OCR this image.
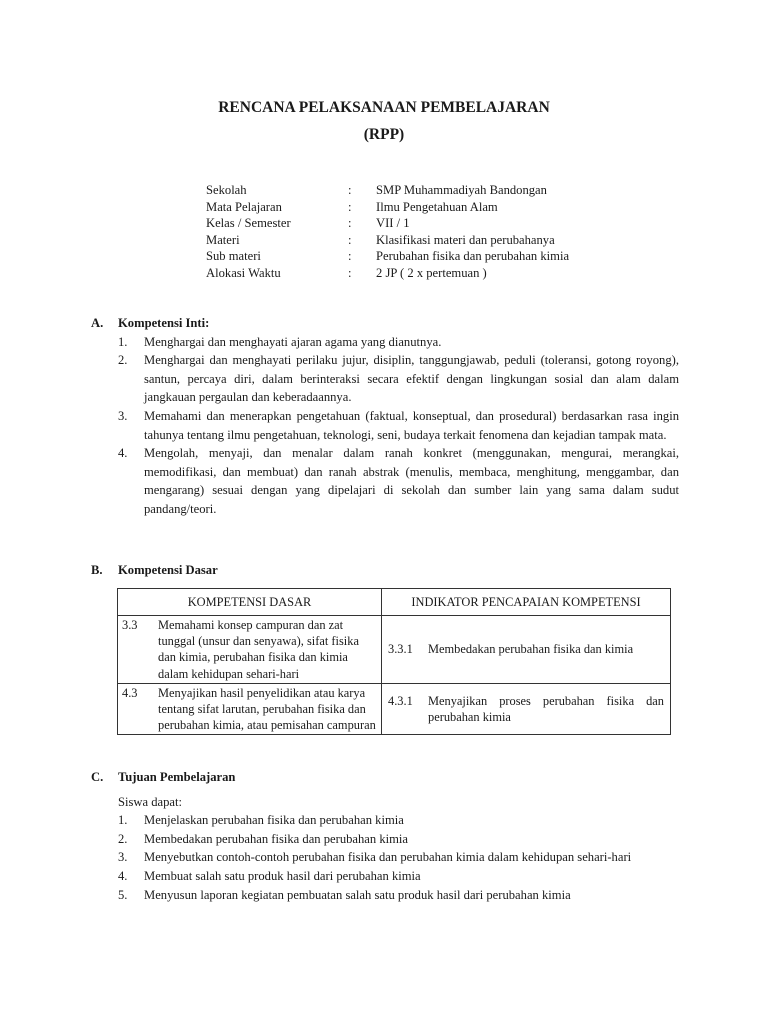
RENCANA PELAKSANAAN PEMBELAJARAN
(RPP)
Sekolah	:	SMP Muhammadiyah Bandongan
Mata Pelajaran	:	Ilmu Pengetahuan Alam
Kelas / Semester	:	VII / 1
Materi	:	Klasifikasi materi dan perubahanya
Sub materi	:	Perubahan fisika dan perubahan kimia
Alokasi Waktu	:	2 JP ( 2 x pertemuan )
A.	Kompetensi Inti:
1.	Menghargai dan menghayati ajaran agama yang dianutnya.
2.	Menghargai dan menghayati perilaku jujur, disiplin, tanggungjawab, peduli (toleransi, gotong royong), santun, percaya diri, dalam berinteraksi secara efektif dengan lingkungan sosial dan alam dalam jangkauan pergaulan dan keberadaannya.
3.	Memahami dan menerapkan pengetahuan (faktual, konseptual, dan prosedural) berdasarkan rasa ingin tahunya tentang ilmu pengetahuan, teknologi, seni, budaya terkait fenomena dan kejadian tampak mata.
4.	Mengolah, menyaji, dan menalar dalam ranah konkret (menggunakan, mengurai, merangkai, memodifikasi, dan membuat) dan ranah abstrak (menulis, membaca, menghitung, menggambar, dan mengarang) sesuai dengan yang dipelajari di sekolah dan sumber lain yang sama dalam sudut pandang/teori.
B.	Kompetensi Dasar
KOMPETENSI DASAR	INDIKATOR PENCAPAIAN KOMPETENSI

3.3 Memahami konsep campuran dan zat tunggal (unsur dan senyawa), sifat fisika dan kimia, perubahan fisika dan kimia dalam kehidupan sehari-hari	3.3.1 Membedakan perubahan fisika dan kimia

4.3 Menyajikan hasil penyelidikan atau karya tentang sifat larutan, perubahan fisika dan perubahan kimia, atau pemisahan campuran	4.3.1 Menyajikan proses perubahan fisika dan perubahan kimia
C.	Tujuan Pembelajaran
Siswa dapat:
1.	Menjelaskan perubahan fisika dan perubahan kimia
2.	Membedakan perubahan fisika dan perubahan kimia
3.	Menyebutkan contoh-contoh perubahan fisika dan perubahan kimia dalam kehidupan sehari-hari
4.	Membuat salah satu produk hasil dari perubahan kimia
5.	Menyusun laporan kegiatan pembuatan salah satu produk hasil dari perubahan kimia
